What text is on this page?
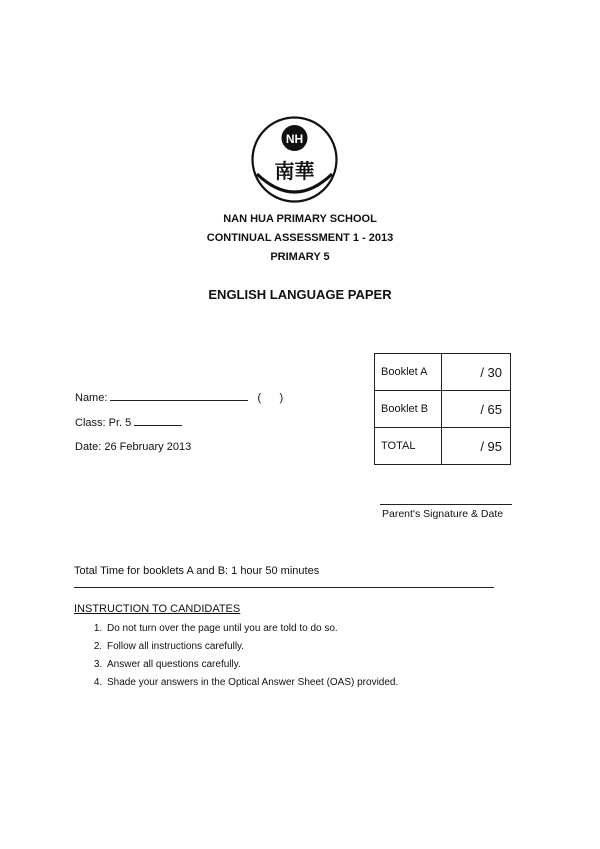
NH
南華
NAN HUA PRIMARY SCHOOL
CONTINUAL ASSESSMENT 1 - 2013
PRIMARY 5
ENGLISH LANGUAGE PAPER
Name:	(      )
Class: Pr. 5
Date: 26 February 2013
Booklet A	/ 30
Booklet B	/ 65
TOTAL	/ 95
Parent's Signature & Date
Total Time for booklets A and B: 1 hour 50 minutes
INSTRUCTION TO CANDIDATES
1. Do not turn over the page until you are told to do so.
2. Follow all instructions carefully.
3. Answer all questions carefully.
4. Shade your answers in the Optical Answer Sheet (OAS) provided.
